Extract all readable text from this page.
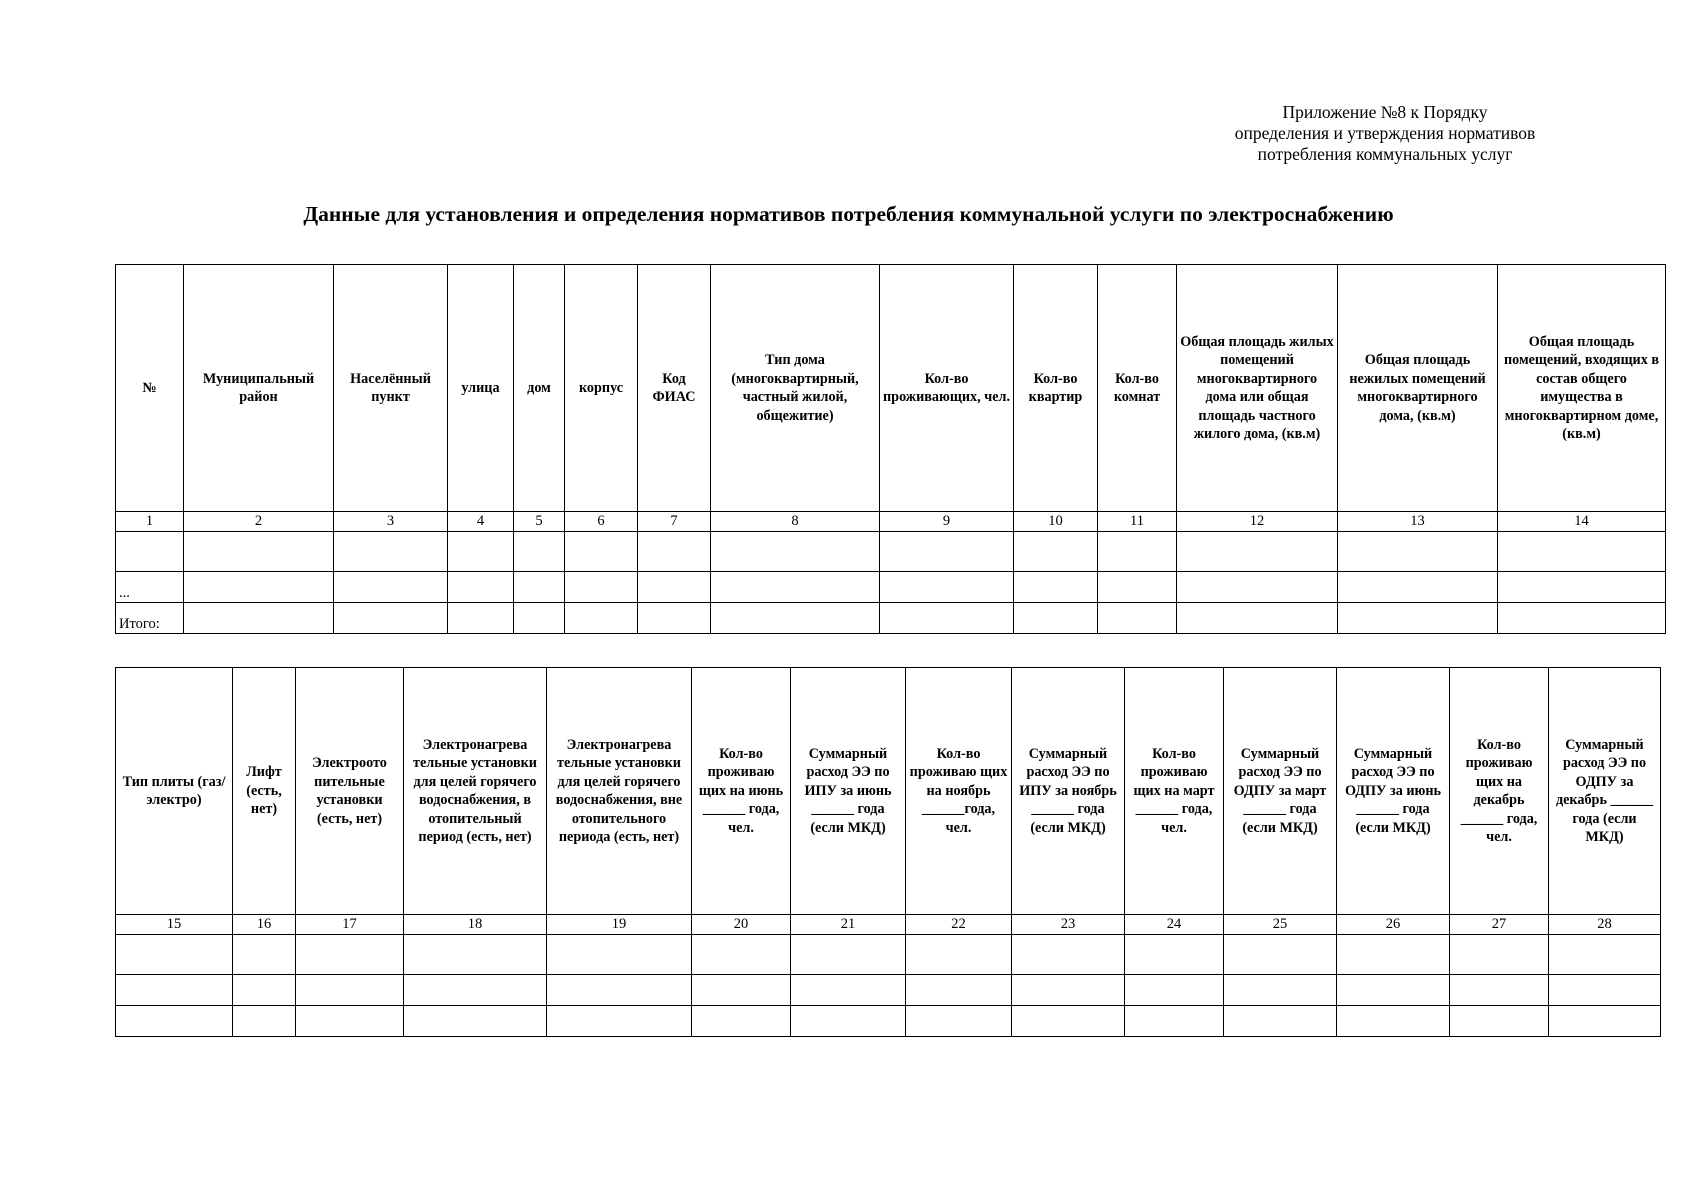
Приложение №8 к Порядку
определения и утверждения нормативов
потребления коммунальных услуг
Данные для установления и определения нормативов потребления коммунальной услуги по электроснабжению
№	Муниципальный район	Населённый пункт	улица	дом	корпус	Код ФИАС	Тип дома (многоквартирный, частный жилой, общежитие)	Кол-во проживающих, чел.	Кол-во квартир	Кол-во комнат	Общая площадь жилых помещений многоквартирного дома или общая площадь частного жилого дома, (кв.м)	Общая площадь нежилых помещений многоквартирного дома, (кв.м)	Общая площадь помещений, входящих в состав общего имущества в многоквартирном доме, (кв.м)
1	2	3	4	5	6	7	8	9	10	11	12	13	14

...													
Итого:													
Тип плиты (газ/электро)	Лифт (есть, нет)	Электроото пительные установки (есть, нет)	Электронагрева тельные установки для целей горячего водоснабжения, в отопительный период (есть, нет)	Электронагрева тельные установки для целей горячего водоснабжения, вне отопительного периода (есть, нет)	Кол-во проживаю щих на июнь ______ года, чел.	Суммарный расход ЭЭ по ИПУ за июнь ______ года (если МКД)	Кол-во проживаю щих на ноябрь ______года, чел.	Суммарный расход ЭЭ по ИПУ за ноябрь ______ года (если МКД)	Кол-во проживаю щих на март ______ года, чел.	Суммарный расход ЭЭ по ОДПУ за март ______ года (если МКД)	Суммарный расход ЭЭ по ОДПУ за июнь ______ года (если МКД)	Кол-во проживаю щих на декабрь ______ года, чел.	Суммарный расход ЭЭ по ОДПУ за декабрь ______ года (если МКД)
15	16	17	18	19	20	21	22	23	24	25	26	27	28
